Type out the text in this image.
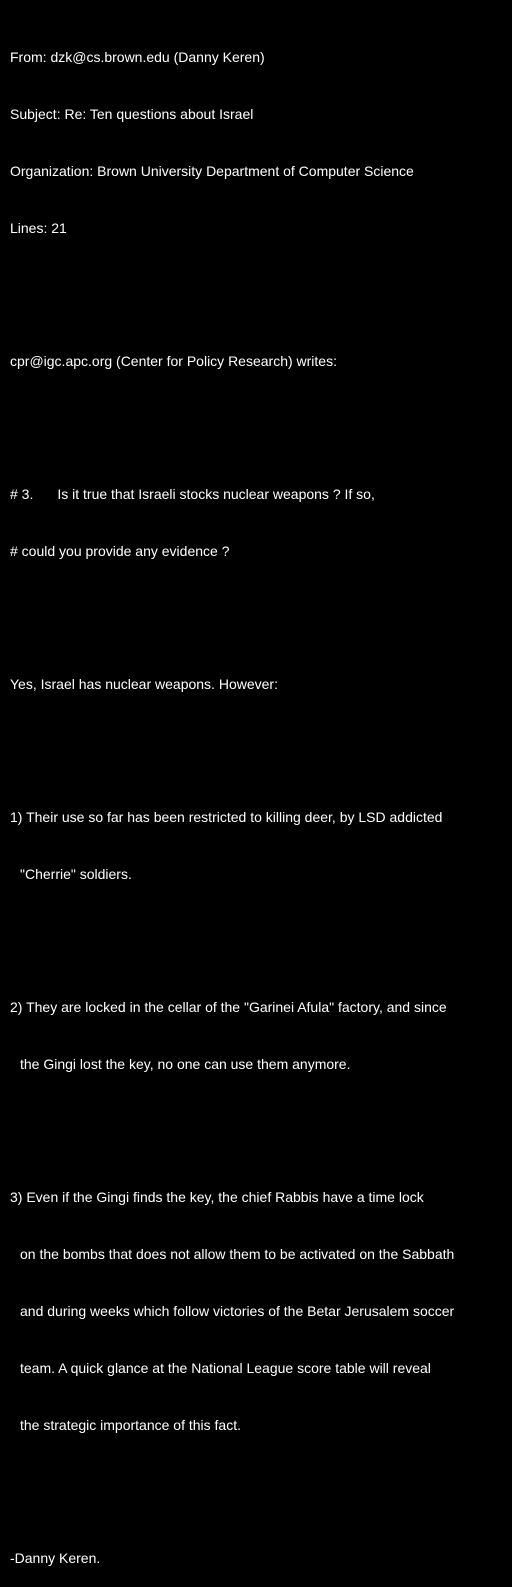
From: dzk@cs.brown.edu (Danny Keren)

Subject: Re: Ten questions about Israel

Organization: Brown University Department of Computer Science

Lines: 21

cpr@igc.apc.org (Center for Policy Research) writes:

# 3. Is it true that Israeli stocks nuclear weapons ? If so,

# could you provide any evidence ?

Yes, Israel has nuclear weapons. However:

1) Their use so far has been restricted to killing deer, by LSD addicted

"Cherrie" soldiers.

2) They are locked in the cellar of the "Garinei Afula" factory, and since

the Gingi lost the key, no one can use them anymore.

3) Even if the Gingi finds the key, the chief Rabbis have a time lock

on the bombs that does not allow them to be activated on the Sabbath

and during weeks which follow victories of the Betar Jerusalem soccer

team. A quick glance at the National League score table will reveal

the strategic importance of this fact.

-Danny Keren.
